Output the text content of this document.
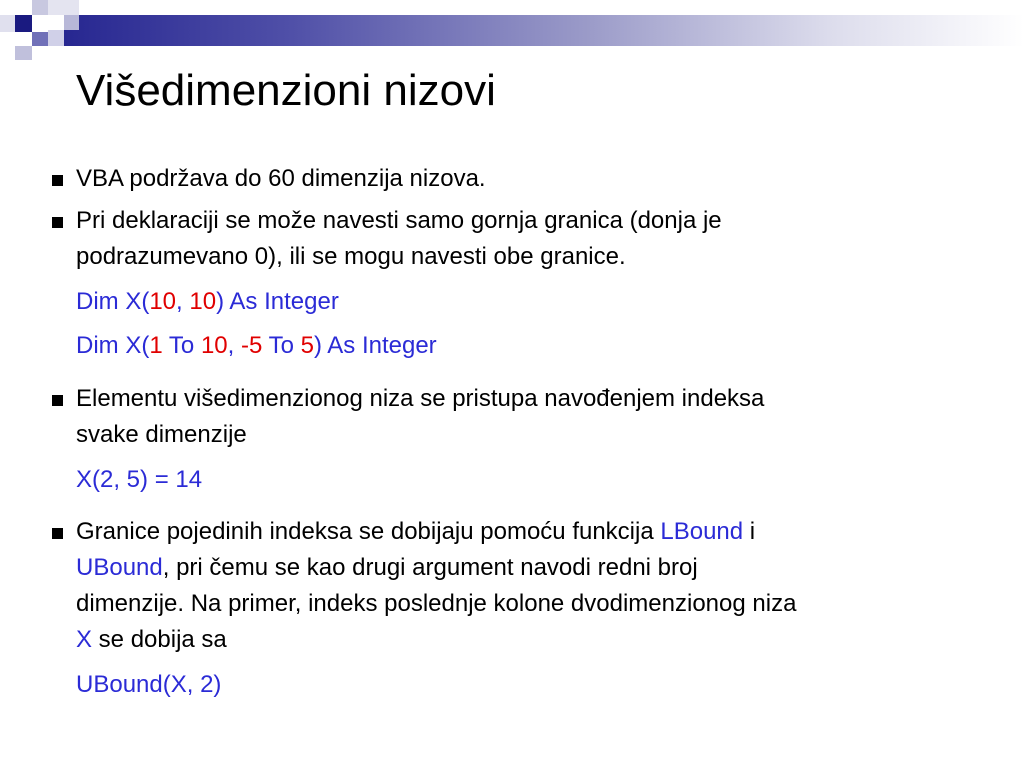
Višedimenzioni nizovi
VBA podržava do 60 dimenzija nizova.
Pri deklaraciji se može navesti samo gornja granica (donja je
podrazumevano 0), ili se mogu navesti obe granice.
Dim X(10, 10) As Integer
Dim X(1 To 10, -5 To 5) As Integer
Elementu višedimenzionog niza se pristupa navođenjem indeksa
svake dimenzije
X(2, 5) = 14
Granice pojedinih indeksa se dobijaju pomoću funkcija LBound i
UBound, pri čemu se kao drugi argument navodi redni broj
dimenzije. Na primer, indeks poslednje kolone dvodimenzionog niza
X se dobija sa
UBound(X, 2)
